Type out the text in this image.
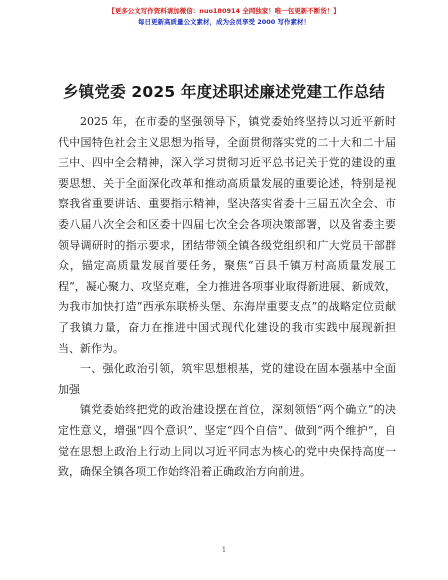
【更多公文写作资料请加微信：nuo180914 全网独家！唯一包更新不断货！】
每日更新高质量公文素材，成为会员享受 2000 写作素材！
乡镇党委 2025 年度述职述廉述党建工作总结

2025 年，在市委的坚强领导下，镇党委始终坚持以习近平新时代中国特色社会主义思想为指导，全面贯彻落实党的二十大和二十届三中、四中全会精神，深入学习贯彻习近平总书记关于党的建设的重要思想、关于全面深化改革和推动高质量发展的重要论述，特别是视察我省重要讲话、重要指示精神，坚决落实省委十三届五次全会、市委八届八次全会和区委十四届七次全会各项决策部署，以及省委主要领导调研时的指示要求，团结带领全镇各级党组织和广大党员干部群众，锚定高质量发展首要任务，聚焦“百县千镇万村高质量发展工程”，凝心聚力、攻坚克难，全力推进各项事业取得新进展、新成效，为我市加快打造“西承东联桥头堡、东海岸重要支点”的战略定位贡献了我镇力量，奋力在推进中国式现代化建设的我市实践中展现新担当、新作为。

一、强化政治引领，筑牢思想根基，党的建设在固本强基中全面加强

镇党委始终把党的政治建设摆在首位，深刻领悟“两个确立”的决定性意义，增强“四个意识”、坚定“四个自信”、做到“两个维护”，自觉在思想上政治上行动上同以习近平同志为核心的党中央保持高度一致，确保全镇各项工作始终沿着正确政治方向前进。

1
